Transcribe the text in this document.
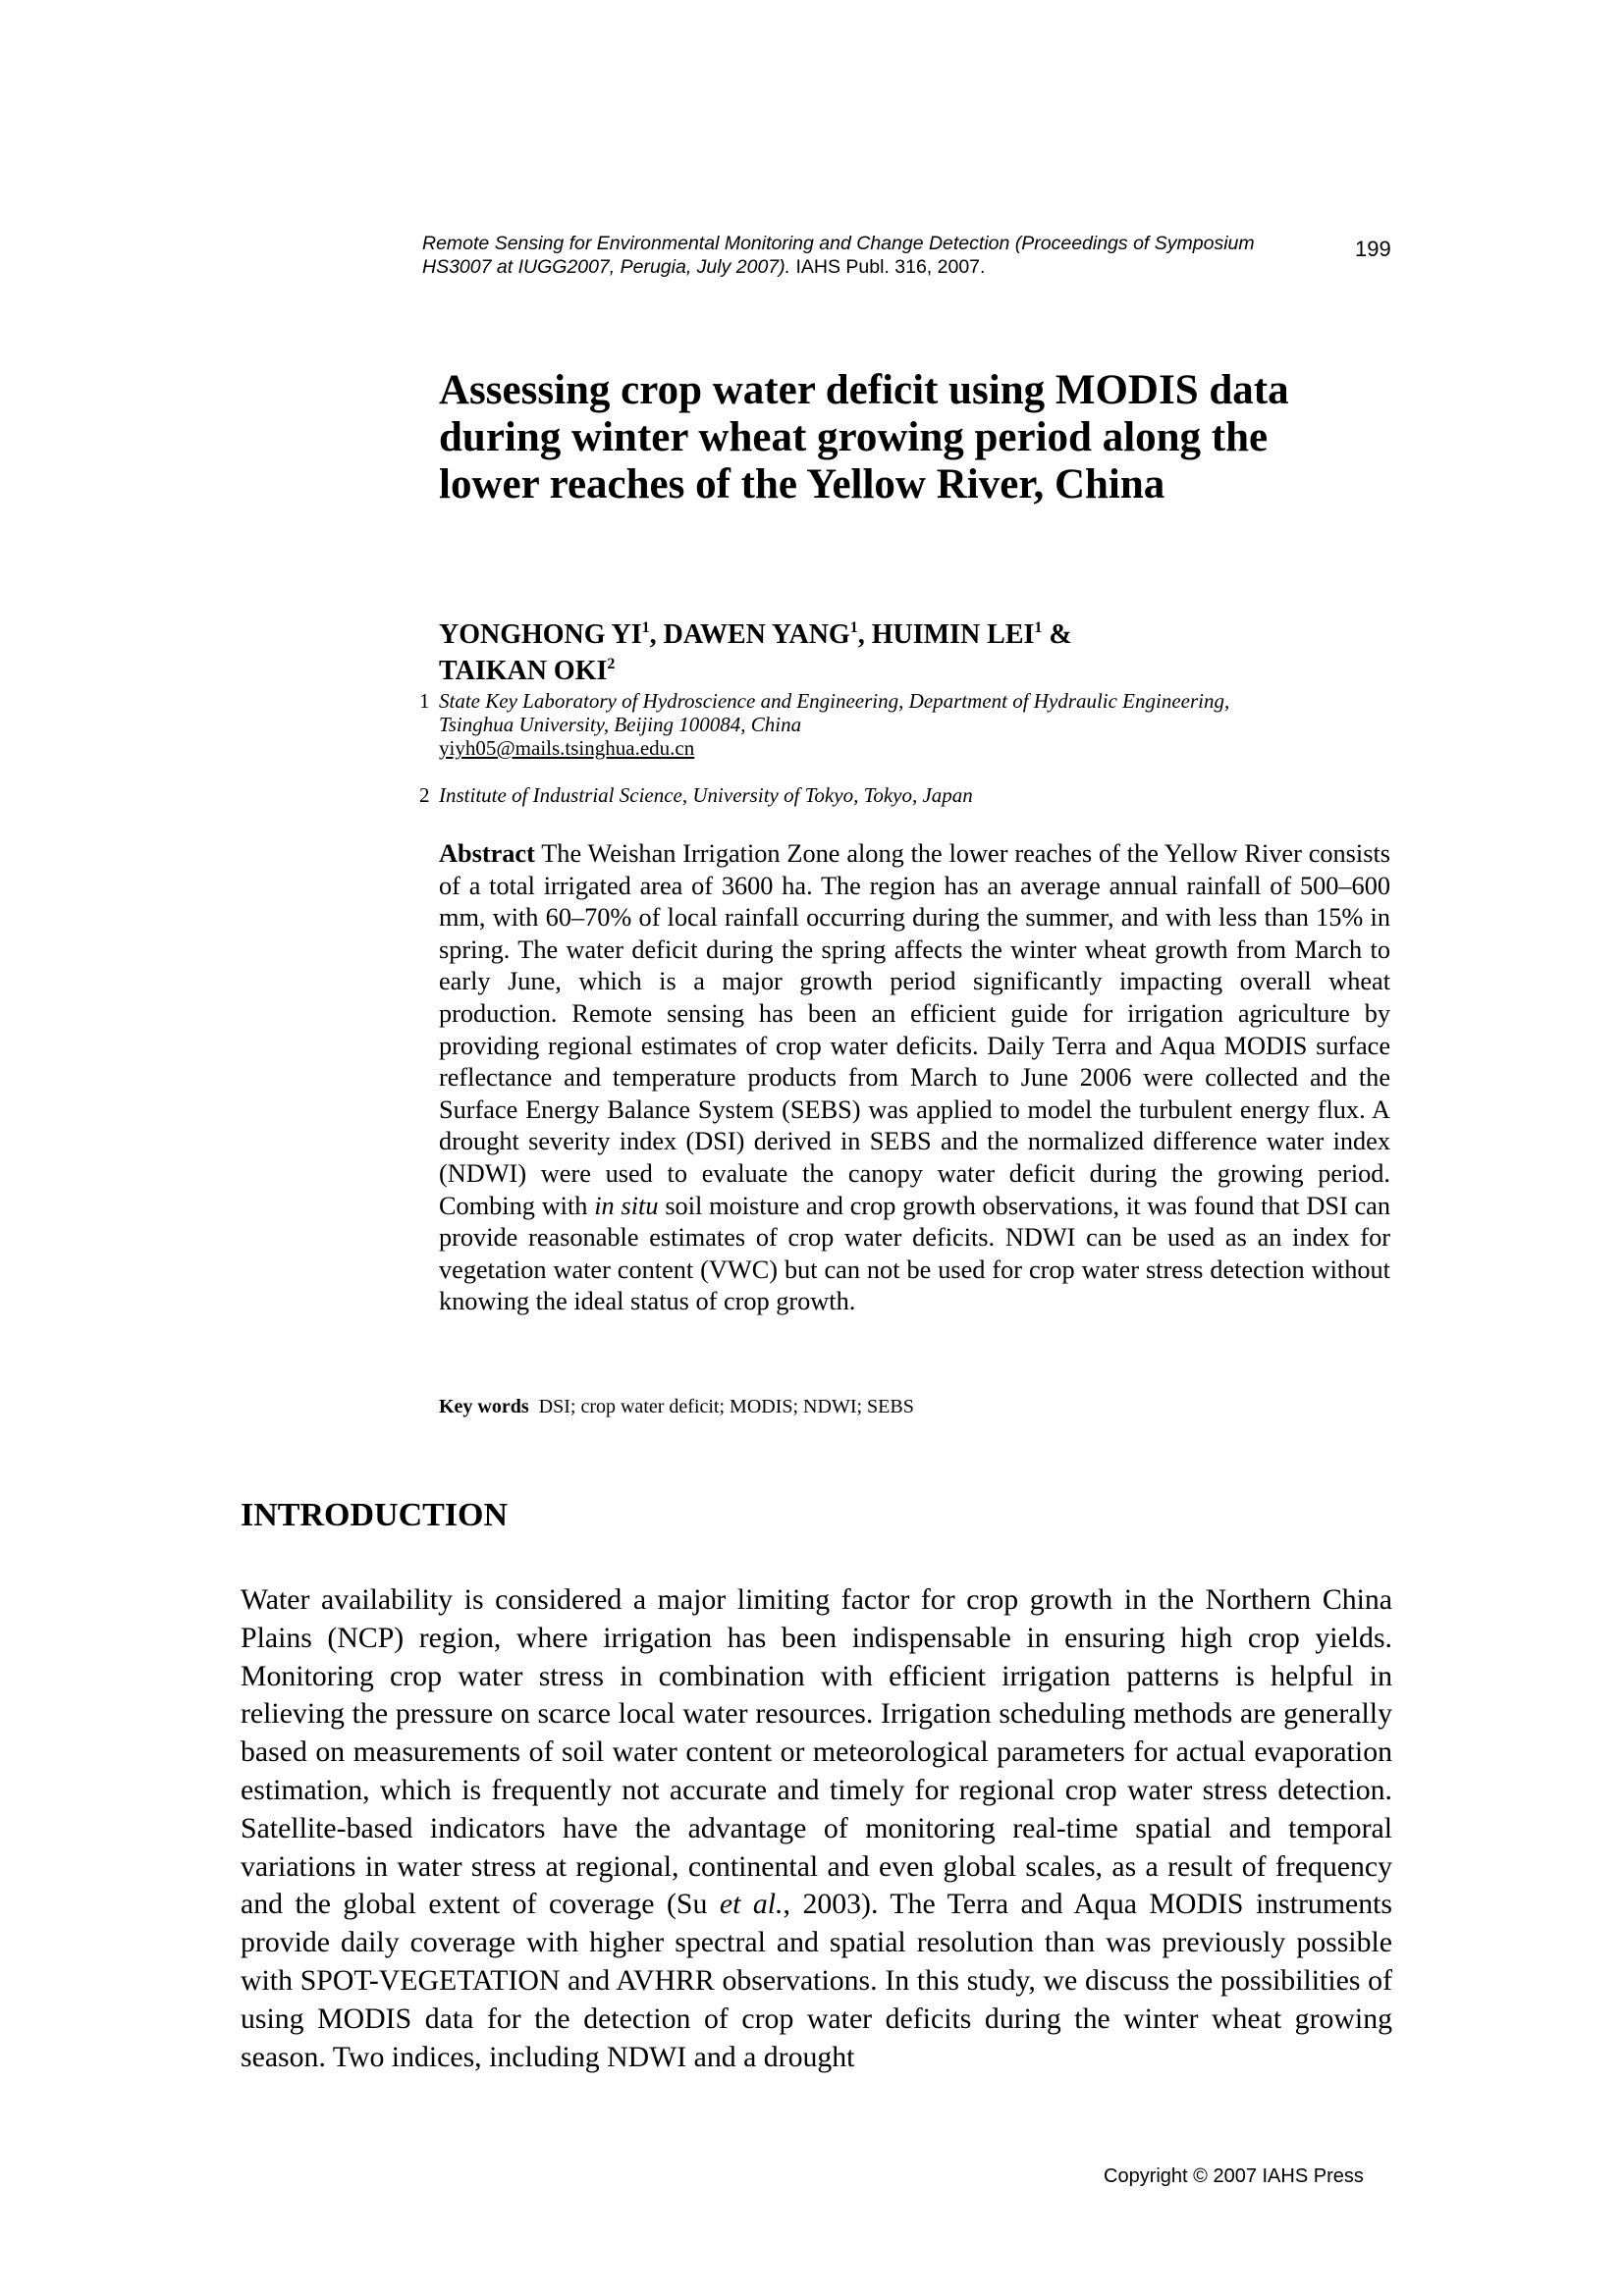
Remote Sensing for Environmental Monitoring and Change Detection (Proceedings of Symposium HS3007 at IUGG2007, Perugia, July 2007). IAHS Publ. 316, 2007.
199
Assessing crop water deficit using MODIS data
during winter wheat growing period along the
lower reaches of the Yellow River, China
YONGHONG $YI^1$, DAWEN YANG$^1$, HUIMIN LEI$^1$ &
TAIKAN OKI$^2$
1 State Key Laboratory of Hydroscience and Engineering, Department of Hydraulic Engineering,
Tsinghua University, Beijing 100084, China
yiyh05@mails.tsinghua.edu.cn
2 Institute of Industrial Science, University of Tokyo, Tokyo, Japan
Abstract The Weishan Irrigation Zone along the lower reaches of the Yellow River consists of a total irrigated area of 3600 ha. The region has an average annual rainfall of 500–600 mm, with 60–70% of local rainfall occurring during the summer, and with less than 15% in spring. The water deficit during the spring affects the winter wheat growth from March to early June, which is a major growth period significantly impacting overall wheat production. Remote sensing has been an efficient guide for irrigation agriculture by providing regional estimates of crop water deficits. Daily Terra and Aqua MODIS surface reflectance and temperature products from March to June 2006 were collected and the Surface Energy Balance System (SEBS) was applied to model the turbulent energy flux. A drought severity index (DSI) derived in SEBS and the normalized difference water index (NDWI) were used to evaluate the canopy water deficit during the growing period. Combing with in situ soil moisture and crop growth observations, it was found that DSI can provide reasonable estimates of crop water deficits. NDWI can be used as an index for vegetation water content (VWC) but can not be used for crop water stress detection without knowing the ideal status of crop growth.
Key words  DSI; crop water deficit; MODIS; NDWI; SEBS
INTRODUCTION
Water availability is considered a major limiting factor for crop growth in the Northern China Plains (NCP) region, where irrigation has been indispensable in ensuring high crop yields. Monitoring crop water stress in combination with efficient irrigation patterns is helpful in relieving the pressure on scarce local water resources. Irrigation scheduling methods are generally based on measurements of soil water content or meteorological parameters for actual evaporation estimation, which is frequently not accurate and timely for regional crop water stress detection. Satellite-based indicators have the advantage of monitoring real-time spatial and temporal variations in water stress at regional, continental and even global scales, as a result of frequency and the global extent of coverage (Su et al., 2003). The Terra and Aqua MODIS instruments provide daily coverage with higher spectral and spatial resolution than was previously possible with SPOT-VEGETATION and AVHRR observations. In this study, we discuss the possibilities of using MODIS data for the detection of crop water deficits during the winter wheat growing season. Two indices, including NDWI and a drought
Copyright © 2007 IAHS Press
